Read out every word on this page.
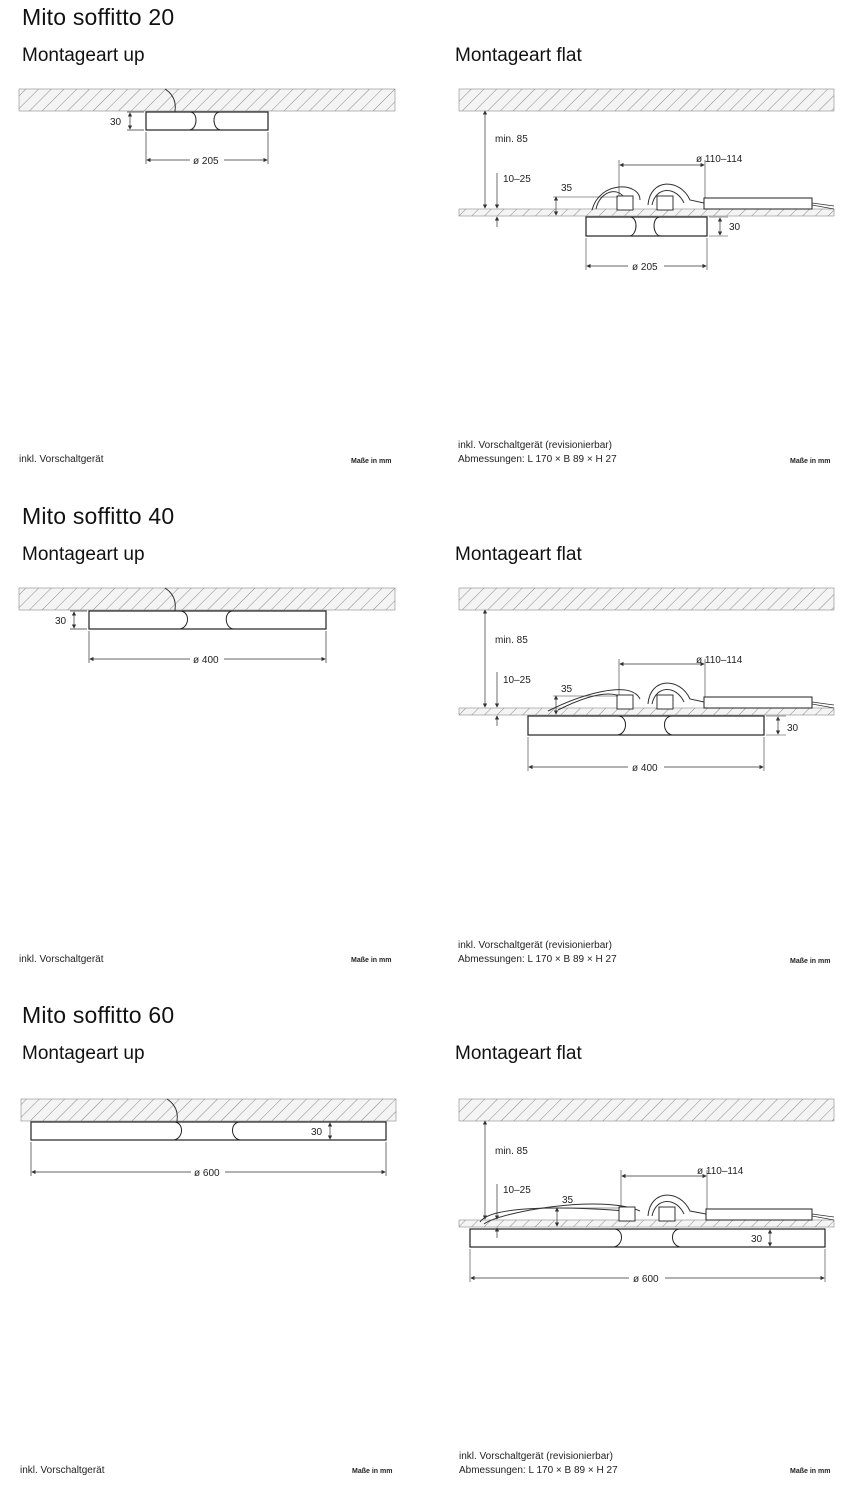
Mito soffitto 20
Montageart up	Montageart flat
30
ø 205
min. 85
10–25
35
ø 110–114
30
ø 205
inkl. Vorschaltgerät	Maße in mm
inkl. Vorschaltgerät (revisionierbar)
Abmessungen: L 170 × B 89 × H 27	Maße in mm
Mito soffitto 40
Montageart up	Montageart flat
30
ø 400
min. 85
10–25
35
ø 110–114
30
ø 400
inkl. Vorschaltgerät	Maße in mm
inkl. Vorschaltgerät (revisionierbar)
Abmessungen: L 170 × B 89 × H 27	Maße in mm
Mito soffitto 60
Montageart up	Montageart flat
30
ø 600
min. 85
10–25
35
ø 110–114
30
ø 600
inkl. Vorschaltgerät	Maße in mm
inkl. Vorschaltgerät (revisionierbar)
Abmessungen: L 170 × B 89 × H 27	Maße in mm
